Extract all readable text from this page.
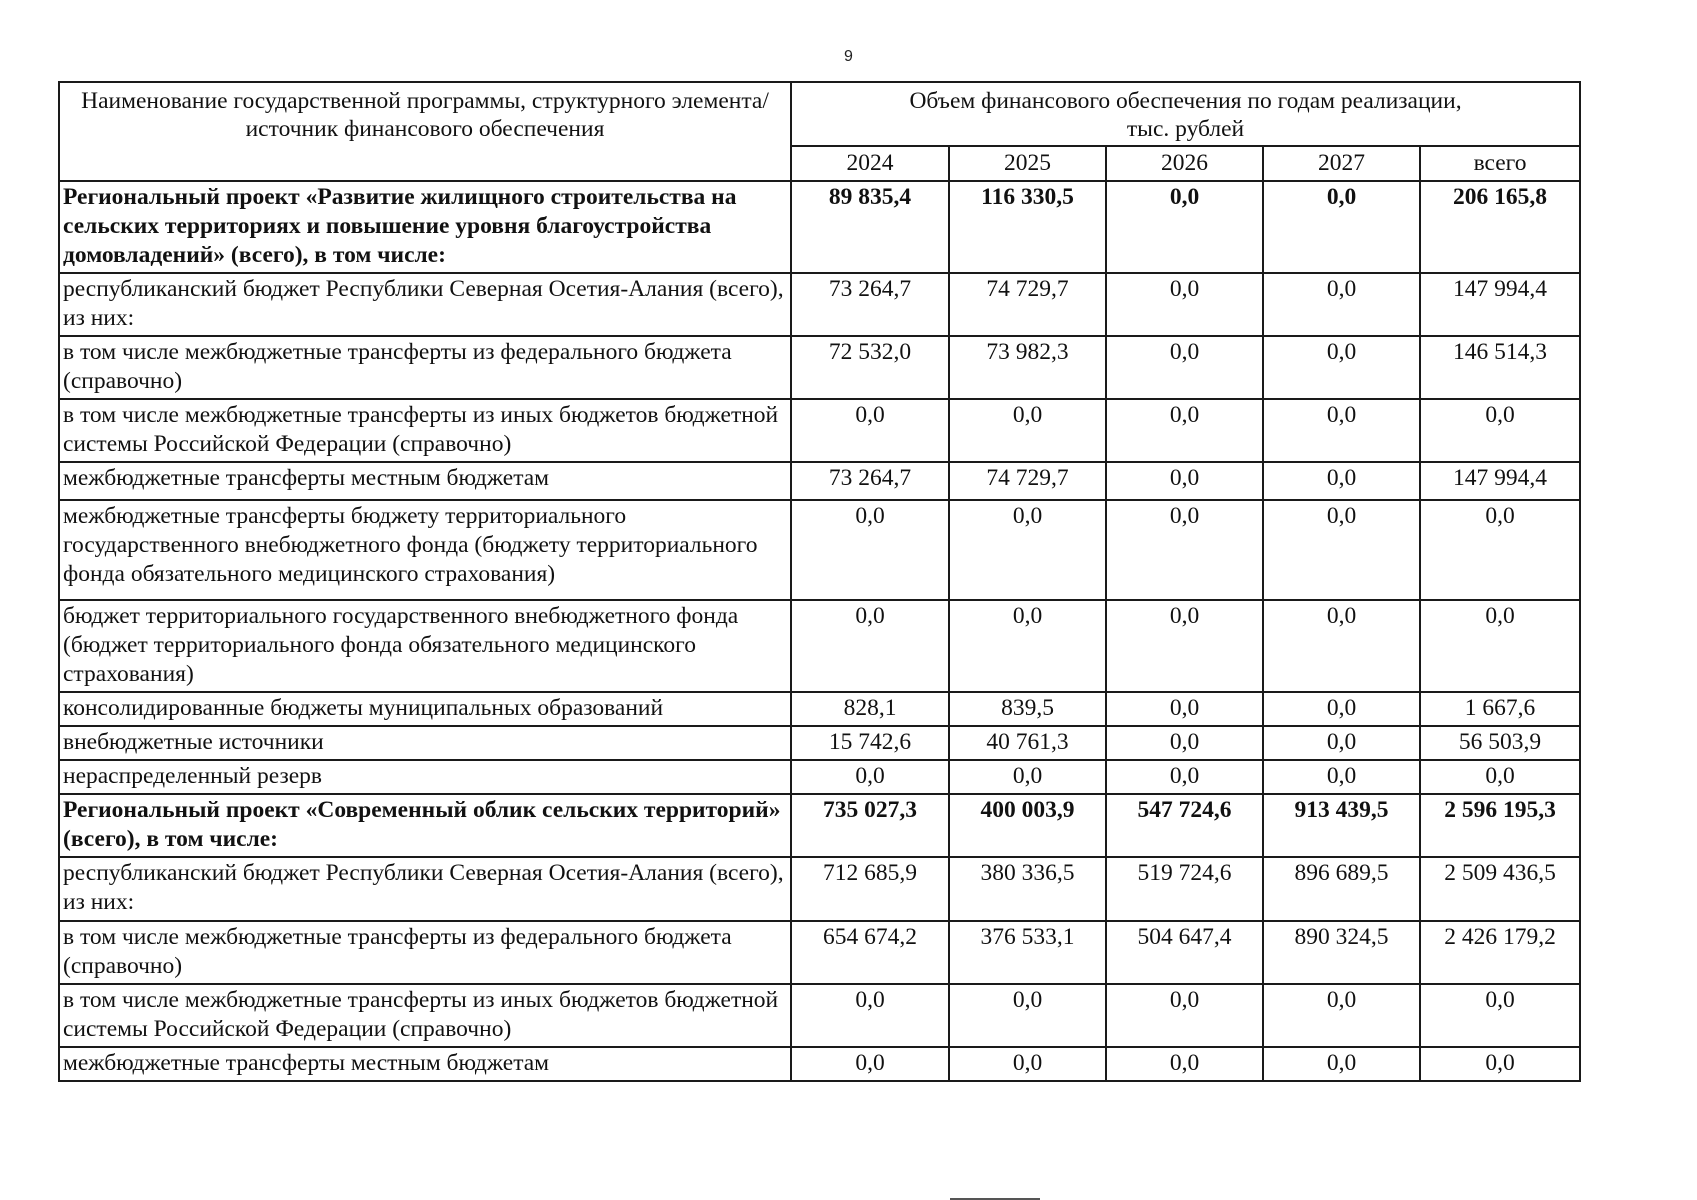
9
Наименование государственной программы, структурного элемента/источник финансового обеспечения	Объем финансового обеспечения по годам реализации,
тыс. рублей				
	2024	2025	2026	2027	всего
Региональный проект «Развитие жилищного строительства на сельских территориях и повышение уровня благоустройства домовладений» (всего), в том числе:	89 835,4	116 330,5	0,0	0,0	206 165,8
республиканский бюджет Республики Северная Осетия-Алания (всего), из них:	73 264,7	74 729,7	0,0	0,0	147 994,4
в том числе межбюджетные трансферты из федерального бюджета (справочно)	72 532,0	73 982,3	0,0	0,0	146 514,3
в том числе межбюджетные трансферты из иных бюджетов бюджетной системы Российской Федерации (справочно)	0,0	0,0	0,0	0,0	0,0
межбюджетные трансферты местным бюджетам	73 264,7	74 729,7	0,0	0,0	147 994,4
межбюджетные трансферты бюджету территориального государственного внебюджетного фонда (бюджету территориального фонда обязательного медицинского страхования)	0,0	0,0	0,0	0,0	0,0
бюджет территориального государственного внебюджетного фонда (бюджет территориального фонда обязательного медицинского страхования)	0,0	0,0	0,0	0,0	0,0
консолидированные бюджеты муниципальных образований	828,1	839,5	0,0	0,0	1 667,6
внебюджетные источники	15 742,6	40 761,3	0,0	0,0	56 503,9
нераспределенный резерв	0,0	0,0	0,0	0,0	0,0
Региональный проект «Современный облик сельских территорий» (всего), в том числе:	735 027,3	400 003,9	547 724,6	913 439,5	2 596 195,3
республиканский бюджет Республики Северная Осетия-Алания (всего), из них:	712 685,9	380 336,5	519 724,6	896 689,5	2 509 436,5
в том числе межбюджетные трансферты из федерального бюджета (справочно)	654 674,2	376 533,1	504 647,4	890 324,5	2 426 179,2
в том числе межбюджетные трансферты из иных бюджетов бюджетной системы Российской Федерации (справочно)	0,0	0,0	0,0	0,0	0,0
межбюджетные трансферты местным бюджетам	0,0	0,0	0,0	0,0	0,0
